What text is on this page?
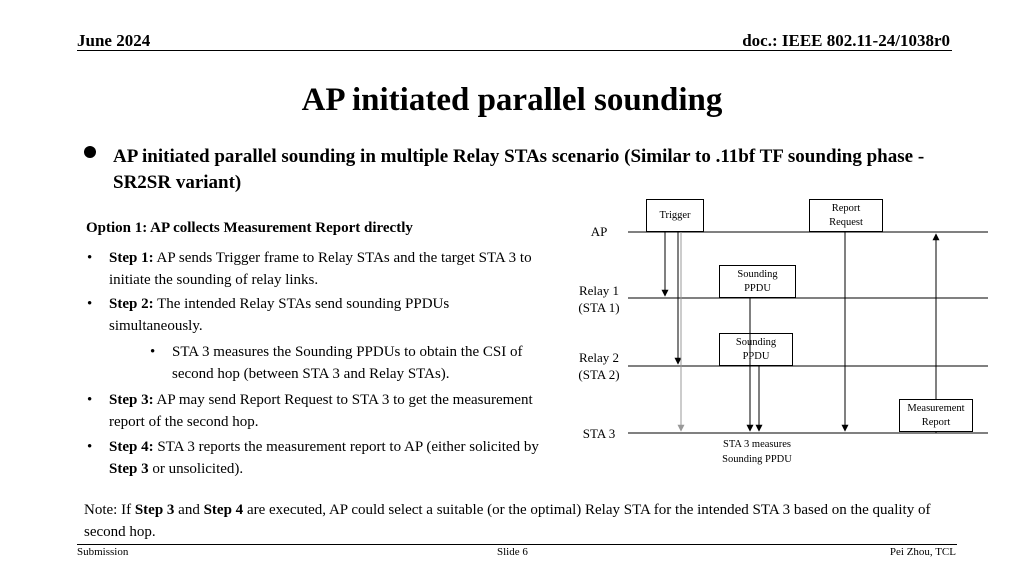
June 2024	doc.: IEEE 802.11-24/1038r0
AP initiated parallel sounding
AP initiated parallel sounding in multiple Relay STAs scenario (Similar to .11bf TF sounding phase - SR2SR variant)
Option 1: AP collects Measurement Report directly
• Step 1: AP sends Trigger frame to Relay STAs and the target STA 3 to initiate the sounding of relay links.
• Step 2: The intended Relay STAs send sounding PPDUs simultaneously.
• STA 3 measures the Sounding PPDUs to obtain the CSI of second hop (between STA 3 and Relay STAs).
• Step 3: AP may send Report Request to STA 3 to get the measurement report of the second hop.
• Step 4: STA 3 reports the measurement report to AP (either solicited by Step 3 or unsolicited).
AP
Relay 1
(STA 1)
Relay 2
(STA 2)
STA 3
Trigger
Report
Request
Sounding
PPDU
Sounding
PPDU
Measurement
Report
STA 3 measures
Sounding PPDU
Note: If Step 3 and Step 4 are executed, AP could select a suitable (or the optimal) Relay STA for the intended STA 3 based on the quality of second hop.
Submission	Slide 6	Pei Zhou, TCL
